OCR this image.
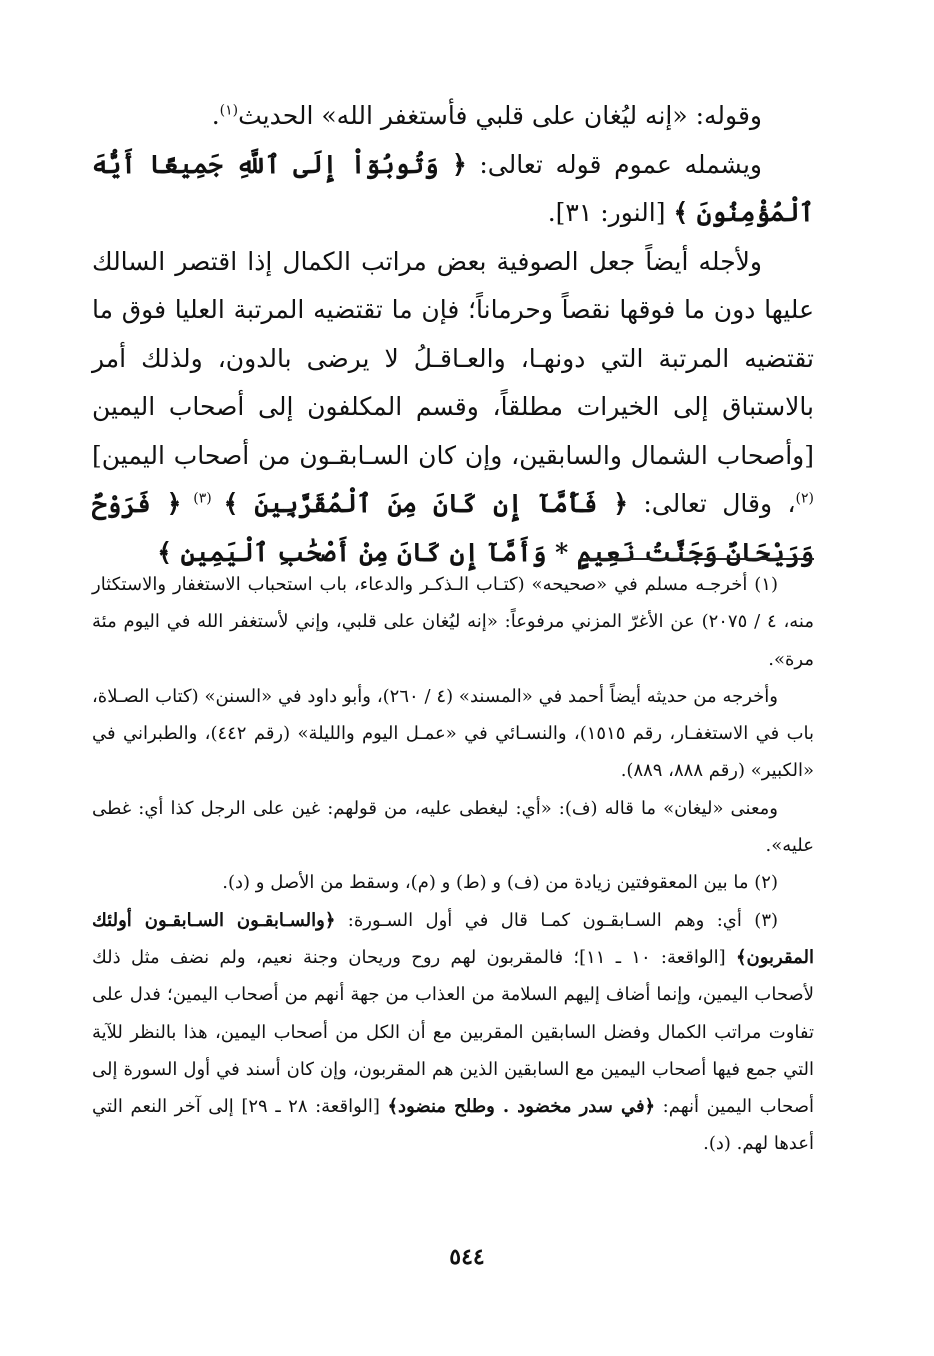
وقوله: «إنه ليُغان على قلبي فأستغفر الله» الحديث$^{(١)}$.

ويشمله عموم قوله تعالى: ﴿ وَتُوبُوٓاْ إِلَى ٱللَّهِ جَمِيعًا أَيُّهَ ٱلْمُؤْمِنُونَ ﴾ [النور: ٣١].

ولأجله أيضاً جعل الصوفية بعض مراتب الكمال إذا اقتصر السالك عليها دون ما فوقها نقصاً وحرماناً؛ فإن ما تقتضيه المرتبة العليا فوق ما تقتضيه المرتبة التي دونهـا، والعـاقـلُ لا يرضى بالدون، ولذلك أمر بالاستباق إلى الخيرات مطلقاً، وقسم المكلفون إلى أصحاب اليمين [وأصحاب الشمال والسابقين، وإن كان السـابقـون من أصحاب اليمين]$^{(٢)}$، وقال تعالى: ﴿ فَأَمَّآ إِن كَانَ مِنَ ٱلْمُقَرَّبِينَ ﴾ $^{(٣)}$ ﴿ فَرَوْحٌ وَرَيْحَانٌ وَجَنَّتُ نَعِيمٍ * وَأَمَّآ إِن كَانَ مِنْ أَصْحَٰبِ ٱلْيَمِينِ ﴾

(١) أخرجـه مسلم في «صحيحه» (كتـاب الـذكـر والدعاء، باب استحباب الاستغفار والاستكثار منه، ٤ / ٢٠٧٥) عن الأغرّ المزني مرفوعاً: «إنه ليُغان على قلبي، وإني لأستغفر الله في اليوم مئة مرة».

وأخرجه من حديثه أيضاً أحمد في «المسند» (٤ / ٢٦٠)، وأبو داود في «السنن» (كتاب الصـلاة، باب في الاستغفـار، رقم ١٥١٥)، والنسـائي في «عمـل اليوم والليلة» (رقم ٤٤٢)، والطبراني في «الكبير» (رقم ٨٨٨، ٨٨٩).

ومعنى «ليغان» ما قاله (ف): «أي: ليغطى عليه، من قولهم: غين على الرجل كذا أي: غطى عليه».

(٢) ما بين المعقوفتين زيادة من (ف) و (ط) و (م)، وسقط من الأصل و (د).

(٣) أي: وهم السـابقـون كمـا قال في أول السـورة: ﴿والسـابقـون السـابقـون أولئك المقربون﴾ [الواقعة: ١٠ ـ ١١]؛ فالمقربون لهم روح وريحان وجنة نعيم، ولم نضف مثل ذلك لأصحاب اليمين، وإنما أضاف إليهم السلامة من العذاب من جهة أنهم من أصحاب اليمين؛ فدل على تفاوت مراتب الكمال وفضل السابقين المقربين مع أن الكل من أصحاب اليمين، هذا بالنظر للآية التي جمع فيها أصحاب اليمين مع السابقين الذين هم المقربون، وإن كان أسند في أول السورة إلى أصحاب اليمين أنهم: ﴿في سدر مخضود . وطلح منضود﴾ [الواقعة: ٢٨ ـ ٢٩] إلى آخر النعم التي أعدها لهم. (د).

٥٤٤
